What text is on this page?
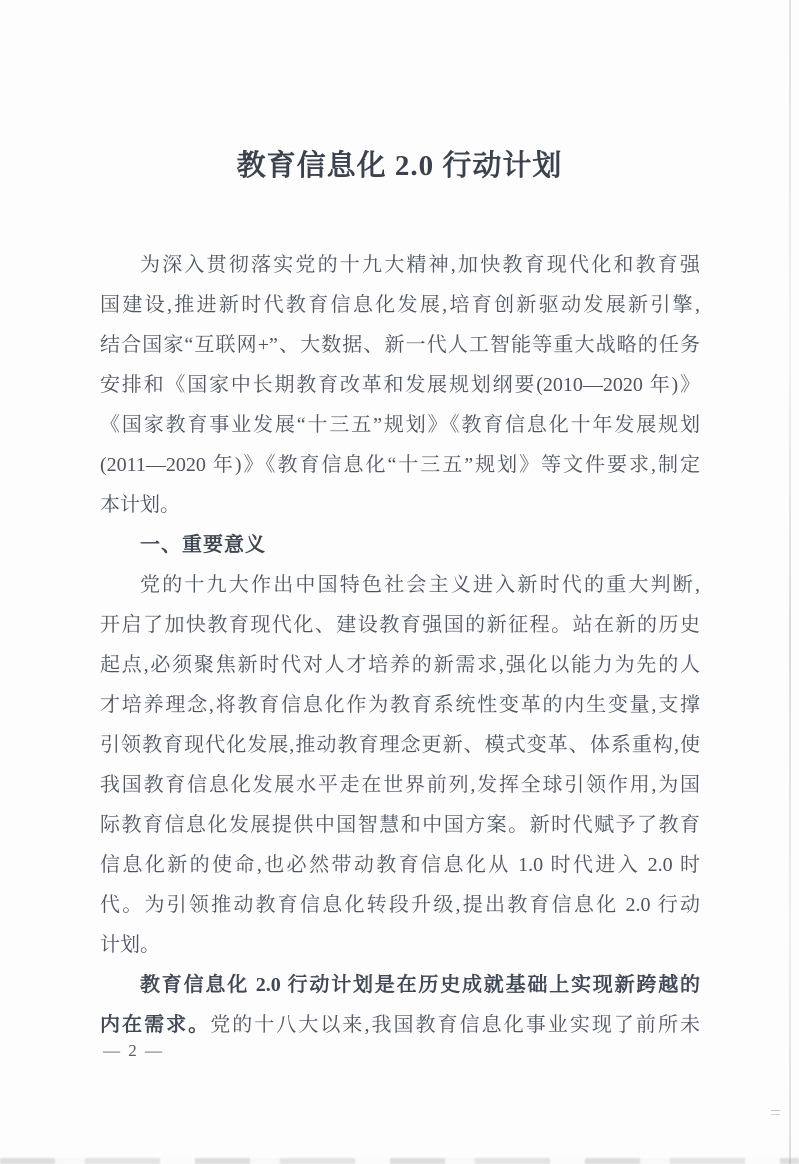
教育信息化 2.0 行动计划
为深入贯彻落实党的十九大精神,加快教育现代化和教育强
国建设,推进新时代教育信息化发展,培育创新驱动发展新引擎,
结合国家“互联网+”、大数据、新一代人工智能等重大战略的任务
安排和《国家中长期教育改革和发展规划纲要(2010—2020 年)》
《国家教育事业发展“十三五”规划》《教育信息化十年发展规划
(2011—2020 年)》《教育信息化“十三五”规划》等文件要求,制定
本计划。
一、重要意义
党的十九大作出中国特色社会主义进入新时代的重大判断,
开启了加快教育现代化、建设教育强国的新征程。站在新的历史
起点,必须聚焦新时代对人才培养的新需求,强化以能力为先的人
才培养理念,将教育信息化作为教育系统性变革的内生变量,支撑
引领教育现代化发展,推动教育理念更新、模式变革、体系重构,使
我国教育信息化发展水平走在世界前列,发挥全球引领作用,为国
际教育信息化发展提供中国智慧和中国方案。新时代赋予了教育
信息化新的使命,也必然带动教育信息化从 1.0 时代进入 2.0 时
代。为引领推动教育信息化转段升级,提出教育信息化 2.0 行动
计划。
教育信息化 2.0 行动计划是在历史成就基础上实现新跨越的
内在需求。党的十八大以来,我国教育信息化事业实现了前所未
— 2 —
